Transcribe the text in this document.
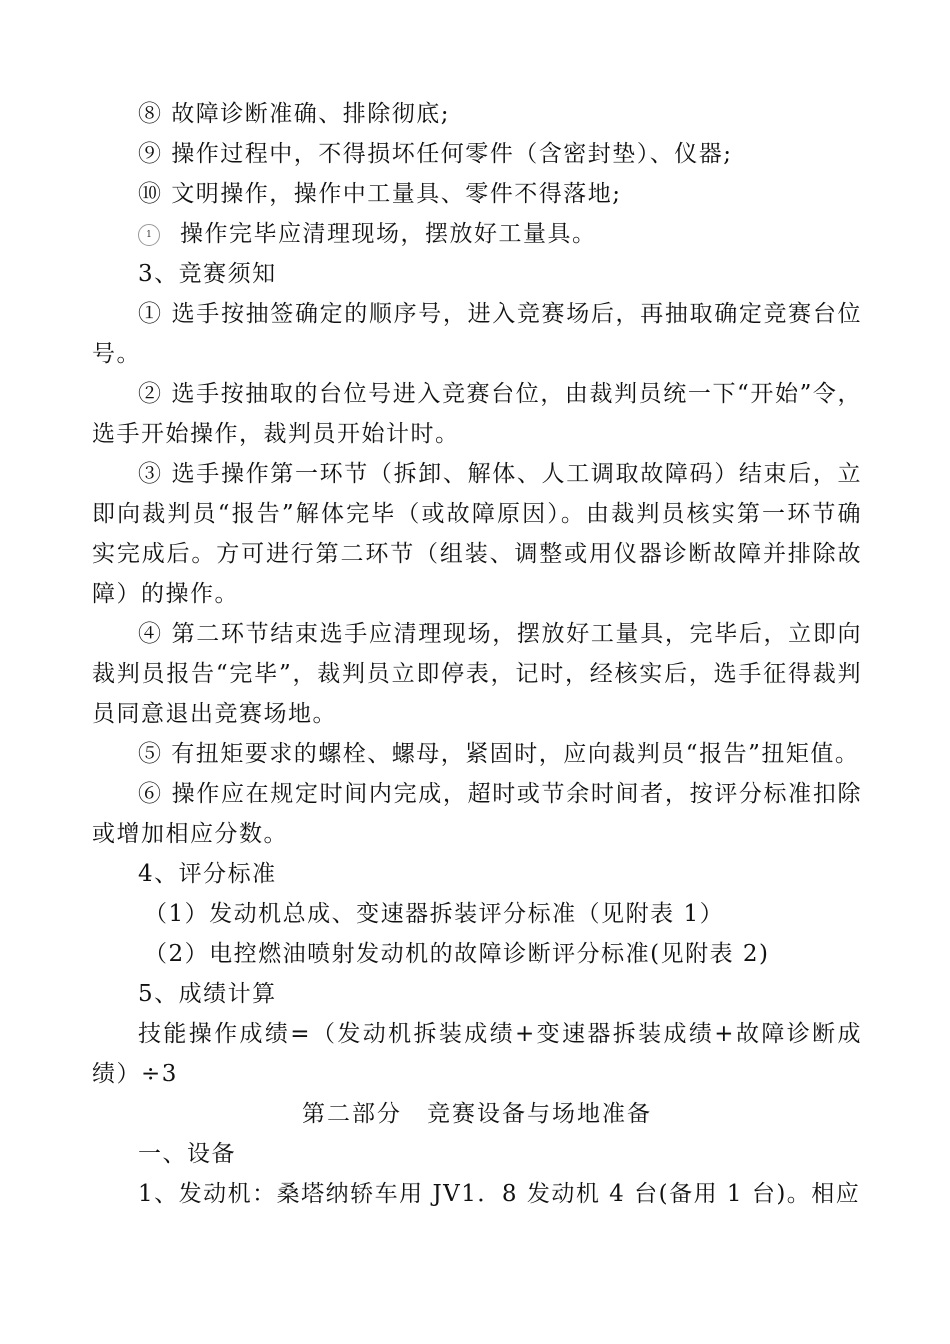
⑧ 故障诊断准确、排除彻底;

⑨ 操作过程中，不得损坏任何零件（含密封垫）、仪器;

⑩ 文明操作，操作中工量具、零件不得落地;

1 操作完毕应清理现场，摆放好工量具。

3、竞赛须知

① 选手按抽签确定的顺序号，进入竞赛场后，再抽取确定竞赛台位号。

② 选手按抽取的台位号进入竞赛台位，由裁判员统一下“开始”令，选手开始操作，裁判员开始计时。

③ 选手操作第一环节（拆卸、解体、人工调取故障码）结束后，立即向裁判员“报告”解体完毕（或故障原因）。由裁判员核实第一环节确实完成后。方可进行第二环节（组装、调整或用仪器诊断故障并排除故障）的操作。

④ 第二环节结束选手应清理现场，摆放好工量具，完毕后，立即向裁判员报告“完毕”，裁判员立即停表，记时，经核实后，选手征得裁判员同意退出竞赛场地。

⑤ 有扭矩要求的螺栓、螺母，紧固时，应向裁判员“报告”扭矩值。

⑥ 操作应在规定时间内完成，超时或节余时间者，按评分标准扣除或增加相应分数。

4、评分标准

（1）发动机总成、变速器拆装评分标准（见附表 1）

（2）电控燃油喷射发动机的故障诊断评分标准(见附表 2)

5、成绩计算

技能操作成绩=（发动机拆装成绩+变速器拆装成绩+故障诊断成绩）÷3

第二部分　竞赛设备与场地准备

一、设备

1、发动机：桑塔纳轿车用 JV1．8 发动机 4 台(备用 1 台)。相应
